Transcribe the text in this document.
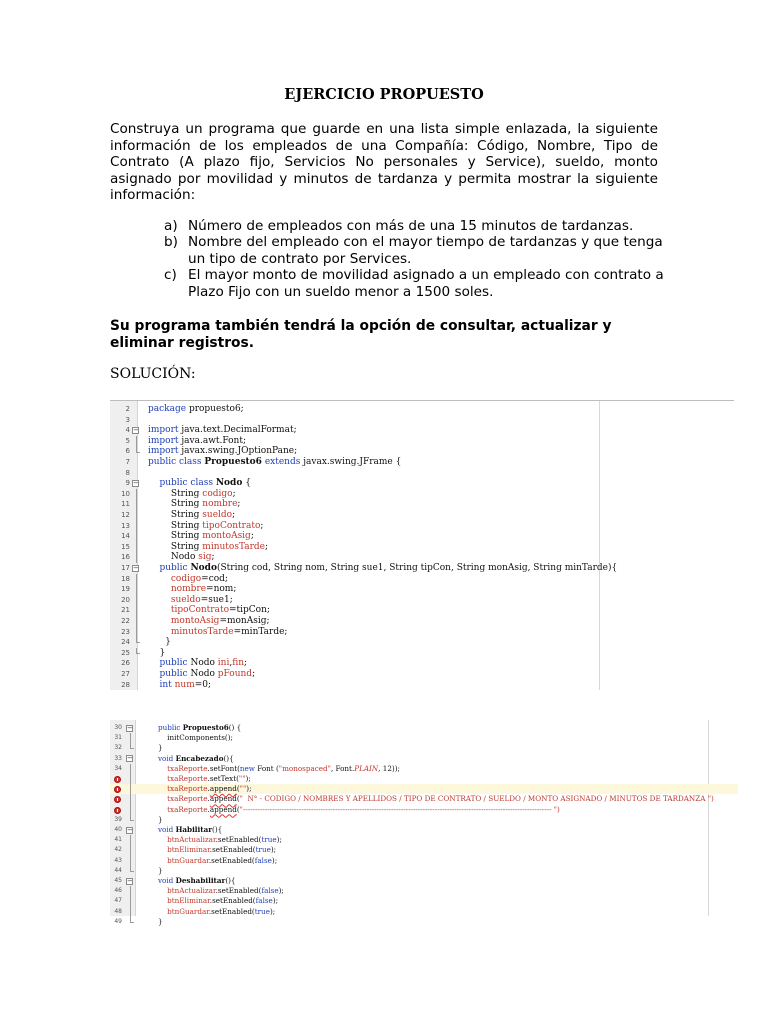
EJERCICIO PROPUESTO
Construya un programa que guarde en una lista simple enlazada, la siguiente información de los empleados de una Compañía: Código, Nombre, Tipo de Contrato (A plazo fijo, Servicios No personales y Service), sueldo, monto asignado por movilidad y minutos de tardanza y permita mostrar la siguiente información:
a) Número de empleados con más de una 15 minutos de tardanzas.
b) Nombre del empleado con el mayor tiempo de tardanzas y que tenga un tipo de contrato por Services.
c) El mayor monto de movilidad asignado a un empleado con contrato a Plazo Fijo con un sueldo menor a 1500 soles.
Su programa también tendrá la opción de consultar, actualizar y eliminar registros.
SOLUCIÓN:
2 package propuesto6;
3
4 − import java.text.DecimalFormat;
5 import java.awt.Font;
6 import javax.swing.JOptionPane;
7 public class Propuesto6 extends javax.swing.JFrame {
8
9 −	public class Nodo {
10 String codigo;
11 String nombre;
12 String sueldo;
13 String tipoContrato;
14 String montoAsig;
15 String minutosTarde;
16 Nodo sig;
17 −	public Nodo(String cod, String nom, String sue1, String tipCon, String monAsig, String minTarde){
18	codigo=cod;
19	nombre=nom;
20	sueldo=sue1;
21	tipoContrato=tipCon;
22	montoAsig=monAsig;
23	minutosTarde=minTarde;
24 }
25 }
26	public Nodo ini,fin;
27	public Nodo pFound;
28	int num=0;
30 −	public Propuesto6() {
31	initComponents();
32	}
33 −	void Encabezado(){
34	txaReporte.setFont(new Font ("monospaced", Font.PLAIN, 12));
txaReporte.setText("");
txaReporte.append("");
txaReporte.append("  N° - CODIGO / NOMBRES Y APELLIDOS / TIPO DE CONTRATO / SUELDO / MONTO ASIGNADO / MINUTOS DE TARDANZA ")
txaReporte.append("------------------------------------------------------------------------------------------------------------------------------- ")
39	}
40 −	void Habilitar(){
41	btnActualizar.setEnabled(true);
42	btnEliminar.setEnabled(true);
43	btnGuardar.setEnabled(false);
44	}
45 −	void Deshabilitar(){
46	btnActualizar.setEnabled(false);
47	btnEliminar.setEnabled(false);
48	btnGuardar.setEnabled(true);
49	}
